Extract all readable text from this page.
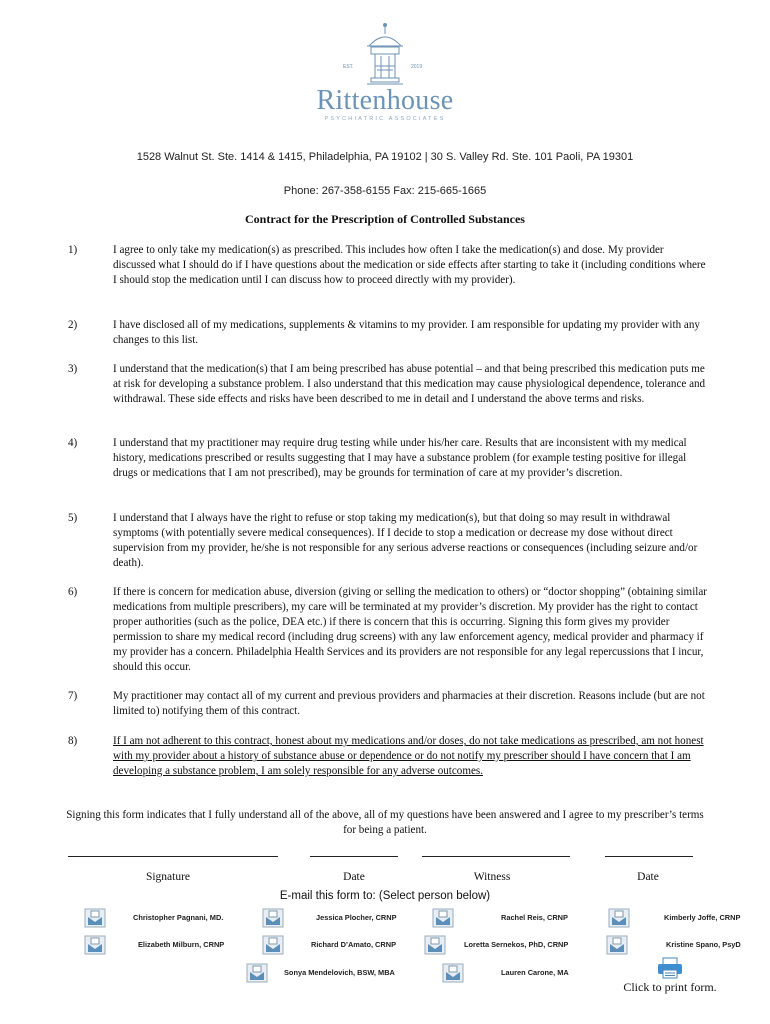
EST.	2019
Rittenhouse
PSYCHIATRIC ASSOCIATES
1528 Walnut St. Ste. 1414 & 1415, Philadelphia, PA 19102 | 30 S. Valley Rd. Ste. 101 Paoli, PA 19301
Phone: 267-358-6155 Fax: 215-665-1665
Contract for the Prescription of Controlled Substances
1)	I agree to only take my medication(s) as prescribed. This includes how often I take the medication(s) and dose. My provider discussed what I should do if I have questions about the medication or side effects after starting to take it (including conditions where I should stop the medication until I can discuss how to proceed directly with my provider).
2)	I have disclosed all of my medications, supplements & vitamins to my provider. I am responsible for updating my provider with any changes to this list.
3)	I understand that the medication(s) that I am being prescribed has abuse potential – and that being prescribed this medication puts me at risk for developing a substance problem. I also understand that this medication may cause physiological dependence, tolerance and withdrawal. These side effects and risks have been described to me in detail and I understand the above terms and risks.
4)	I understand that my practitioner may require drug testing while under his/her care. Results that are inconsistent with my medical history, medications prescribed or results suggesting that I may have a substance problem (for example testing positive for illegal drugs or medications that I am not prescribed), may be grounds for termination of care at my provider’s discretion.
5)	I understand that I always have the right to refuse or stop taking my medication(s), but that doing so may result in withdrawal symptoms (with potentially severe medical consequences). If I decide to stop a medication or decrease my dose without direct supervision from my provider, he/she is not responsible for any serious adverse reactions or consequences (including seizure and/or death).
6)	If there is concern for medication abuse, diversion (giving or selling the medication to others) or “doctor shopping” (obtaining similar medications from multiple prescribers), my care will be terminated at my provider’s discretion. My provider has the right to contact proper authorities (such as the police, DEA etc.) if there is concern that this is occurring. Signing this form gives my provider permission to share my medical record (including drug screens) with any law enforcement agency, medical provider and pharmacy if my provider has a concern. Philadelphia Health Services and its providers are not responsible for any legal repercussions that I incur, should this occur.
7)	My practitioner may contact all of my current and previous providers and pharmacies at their discretion. Reasons include (but are not limited to) notifying them of this contract.
8)	If I am not adherent to this contract, honest about my medications and/or doses, do not take medications as prescribed, am not honest with my provider about a history of substance abuse or dependence or do not notify my prescriber should I have concern that I am developing a substance problem, I am solely responsible for any adverse outcomes.
Signing this form indicates that I fully understand all of the above, all of my questions have been answered and I agree to my prescriber’s terms for being a patient.
Signature	Date	Witness	Date
E-mail this form to: (Select person below)
Christopher Pagnani, MD.	Jessica Plocher, CRNP	Rachel Reis, CRNP	Kimberly Joffe, CRNP
Elizabeth Milburn, CRNP	Richard D’Amato, CRNP	Loretta Sernekos, PhD, CRNP	Kristine Spano, PsyD
Sonya Mendelovich, BSW, MBA	Lauren Carone, MA
Click to print form.
